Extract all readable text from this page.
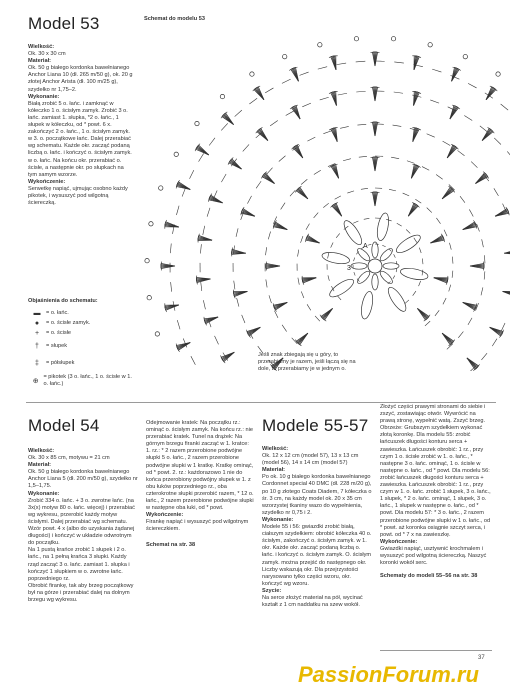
Model 53	Schemat do modelu 53
Wielkość:
Ok. 30 x 30 cm
Materiał:
Ok. 50 g białego kordonka bawełnianego Anchor Liana 10 (dł. 265 m/50 g), ok. 20 g złotej Anchor Arista (dł. 100 m/25 g), szydełko nr 1,75–2.
Wykonanie:
Białą zrobić 5 o. łańc. i zamknąć w kółeczko 1 o. ścisłym zamyk. Zrobić 3 o. łańc. zamiast 1. słupka, *2 o. łańc., 1 słupek w kółeczku, od * powt. 6 x. zakończyć 2 o. łańc., 1 o. ścisłym zamyk. w 3. o. początkowe łańc. Dalej przerabiać wg schematu. Każde okr. zacząć podaną liczbą o. łańc. i kończyć o. ścisłym zamyk. w o. łańc. Na końcu okr. przerabiać o. ścisłe, a następnie okr. po słupkach na tym samym wzorze.
Wykończenie:
Serwetkę napiąć, ujmując osobno każdy pikotek, i wysuszyć pod wilgotną ściereczką.
Objaśnienia do schematu:
▬ = o. łańc.
●	= o. ścisłe zamyk.
+	= o. ścisłe
†	= słupek
‡	= półsłupek
⊕
= pikotek (3 o. łańc., 1 o. ścisłe w 1. o. łańc.)
A
3
Jeśli znak zbiegają się u góry, to przerabiamy je razem, jeśli łączą się na dole, to przerabiamy je w jednym o.
Model 54
Wielkość:
Ok. 30 x 85 cm, motywu = 21 cm
Materiał:
Ok. 50 g białego kordonka bawełnianego Anchor Liana 5 (dł. 200 m/50 g), szydełko nr 1,5–1,75.
Wykonanie:
Zrobić 334 o. łańc. + 3 o. zwrotne łańc. (na 3x(x) motyw 80 o. łańc. więcej) i przerabiać wg wykresu, przerobić każdy motyw ścisłymi. Dalej przerabiać wg schematu. Wzór powt. 4 x (albo do uzyskania żądanej długości) i kończyć w układzie odwrotnym do początku.
Na 1 pustą krańce zrobić 1 słupek i 2 o. łańc., na 1 pełną krańca 3 słupki. Każdy rząd zacząć 3 o. łańc. zamiast 1. słupka i kończyć 1 słupkiem w o. zwrotne łańc. poprzedniego rz.
Obrobić firankę, tak aby brzeg początkowy był na górze i przerabiać dalej na dolnym brzegu wg wykresu.
Odejmowanie kratek: Na początku rz.: ominąć o. ścisłym zamyk. Na końcu rz.: nie przerabiać kratek. Tunel na drążek: Na górnym brzegu firanki zacząć w 1. kratce: 1. rz.: * 2 razem przerobione podwójne słupki 5 o. łańc., 2 razem przerobione podwójne słupki w 1 kratkę. Kratkę ominąć, od * powt. 2. rz.: każdorazowo 1 nie do końca przerobiony podwójny słupek w 1. z obu łuków poprzedniego rz., oba czterokrotne słupki przerobić razem, * 12 o. łańc., 2 razem przerobione podwójne słupki w następne oba łuki, od * powt.
Wykończenie:
Firankę napiąć i wysuszyć pod wilgotnym ściereczkiem.
Schemat na str. 38
Modele 55-57
Wielkość:
Ok. 12 x 12 cm (model 57), 13 x 13 cm (model 56), 14 x 14 cm (model 57)
Materiał:
Po ok. 10 g białego kordonka bawełnianego Cordonnet special 40 DMC (dł. 228 m/20 g), po 10 g złotego Coats Diadem, 7 kółeczka o śr. 3 cm, na każdy model ok. 20 x 35 cm wzorzystej tkaniny wazo do wypełnienia, szydełko nr 0,75 i 2.
Wykonanie:
Modele 55 i 56: gwiazdki zrobić białą, ciałszym szydełkiem: obrobić kółeczka 40 o. ścisłym, zakończyć o. ścisłym zamyk. w 1. okr. Każde okr. zacząć podaną liczbą o. łańc. i kończyć o. ścisłym zamyk. O. ścisłym zamyk. można przejść do następnego okr. Liczby wskazują okr. Dla przejrzystości narysowano tylko części wzoru, okr. kończyć wg wzoru.
Szycie:
Na serce złożyć materiał na pół, wycinać kształt z 1 cm naddatku na szew wokół.
Złożyć części prawymi stronami do siebie i zszyć, zostawiając otwór. Wywrócić na prawą stronę, wypełnić watą. Zszyć brzeg. Obrzeże: Grubszym szydełkiem wykonać złotą koronkę. Dla modelu 55: zrobić łańcuszek długości konturu serca + zawieszka. Łańcuszek obrobić: 1 rz., przy czym 1 o. ścisłe zrobić w 1. o. łańc., * następne 3 o. łańc. ominąć, 1 o. ścisłe w następne o. łańc., od * powt. Dla modelu 56: zrobić łańcuszek długości konturu serca + zawieszka. Łańcuszek obrobić: 1 rz., przy czym w 1. o. łańc. zrobić 1 słupek, 3 o. łańc., 1 słupek, * 2 o. łańc. ominąć, 1 słupek, 3 o. łańc., 1 słupek w następne o. łańc., od * powt. Dla modelu 57: * 3 o. łańc., 2 razem przerobione podwójne słupki w 1 o. łańc., od * powt. aż koronka osiągnie szczyt serca, i powt. od * 7 x na zawieszkę.
Wykończenie:
Gwiazdki napiąć, usztywnić krochmalem i wysuszyć pod wilgotną ściereczką. Naszyć koronki wokół serc.
Schematy do modeli 55–56 na str. 38
37
PassionForum.ru
